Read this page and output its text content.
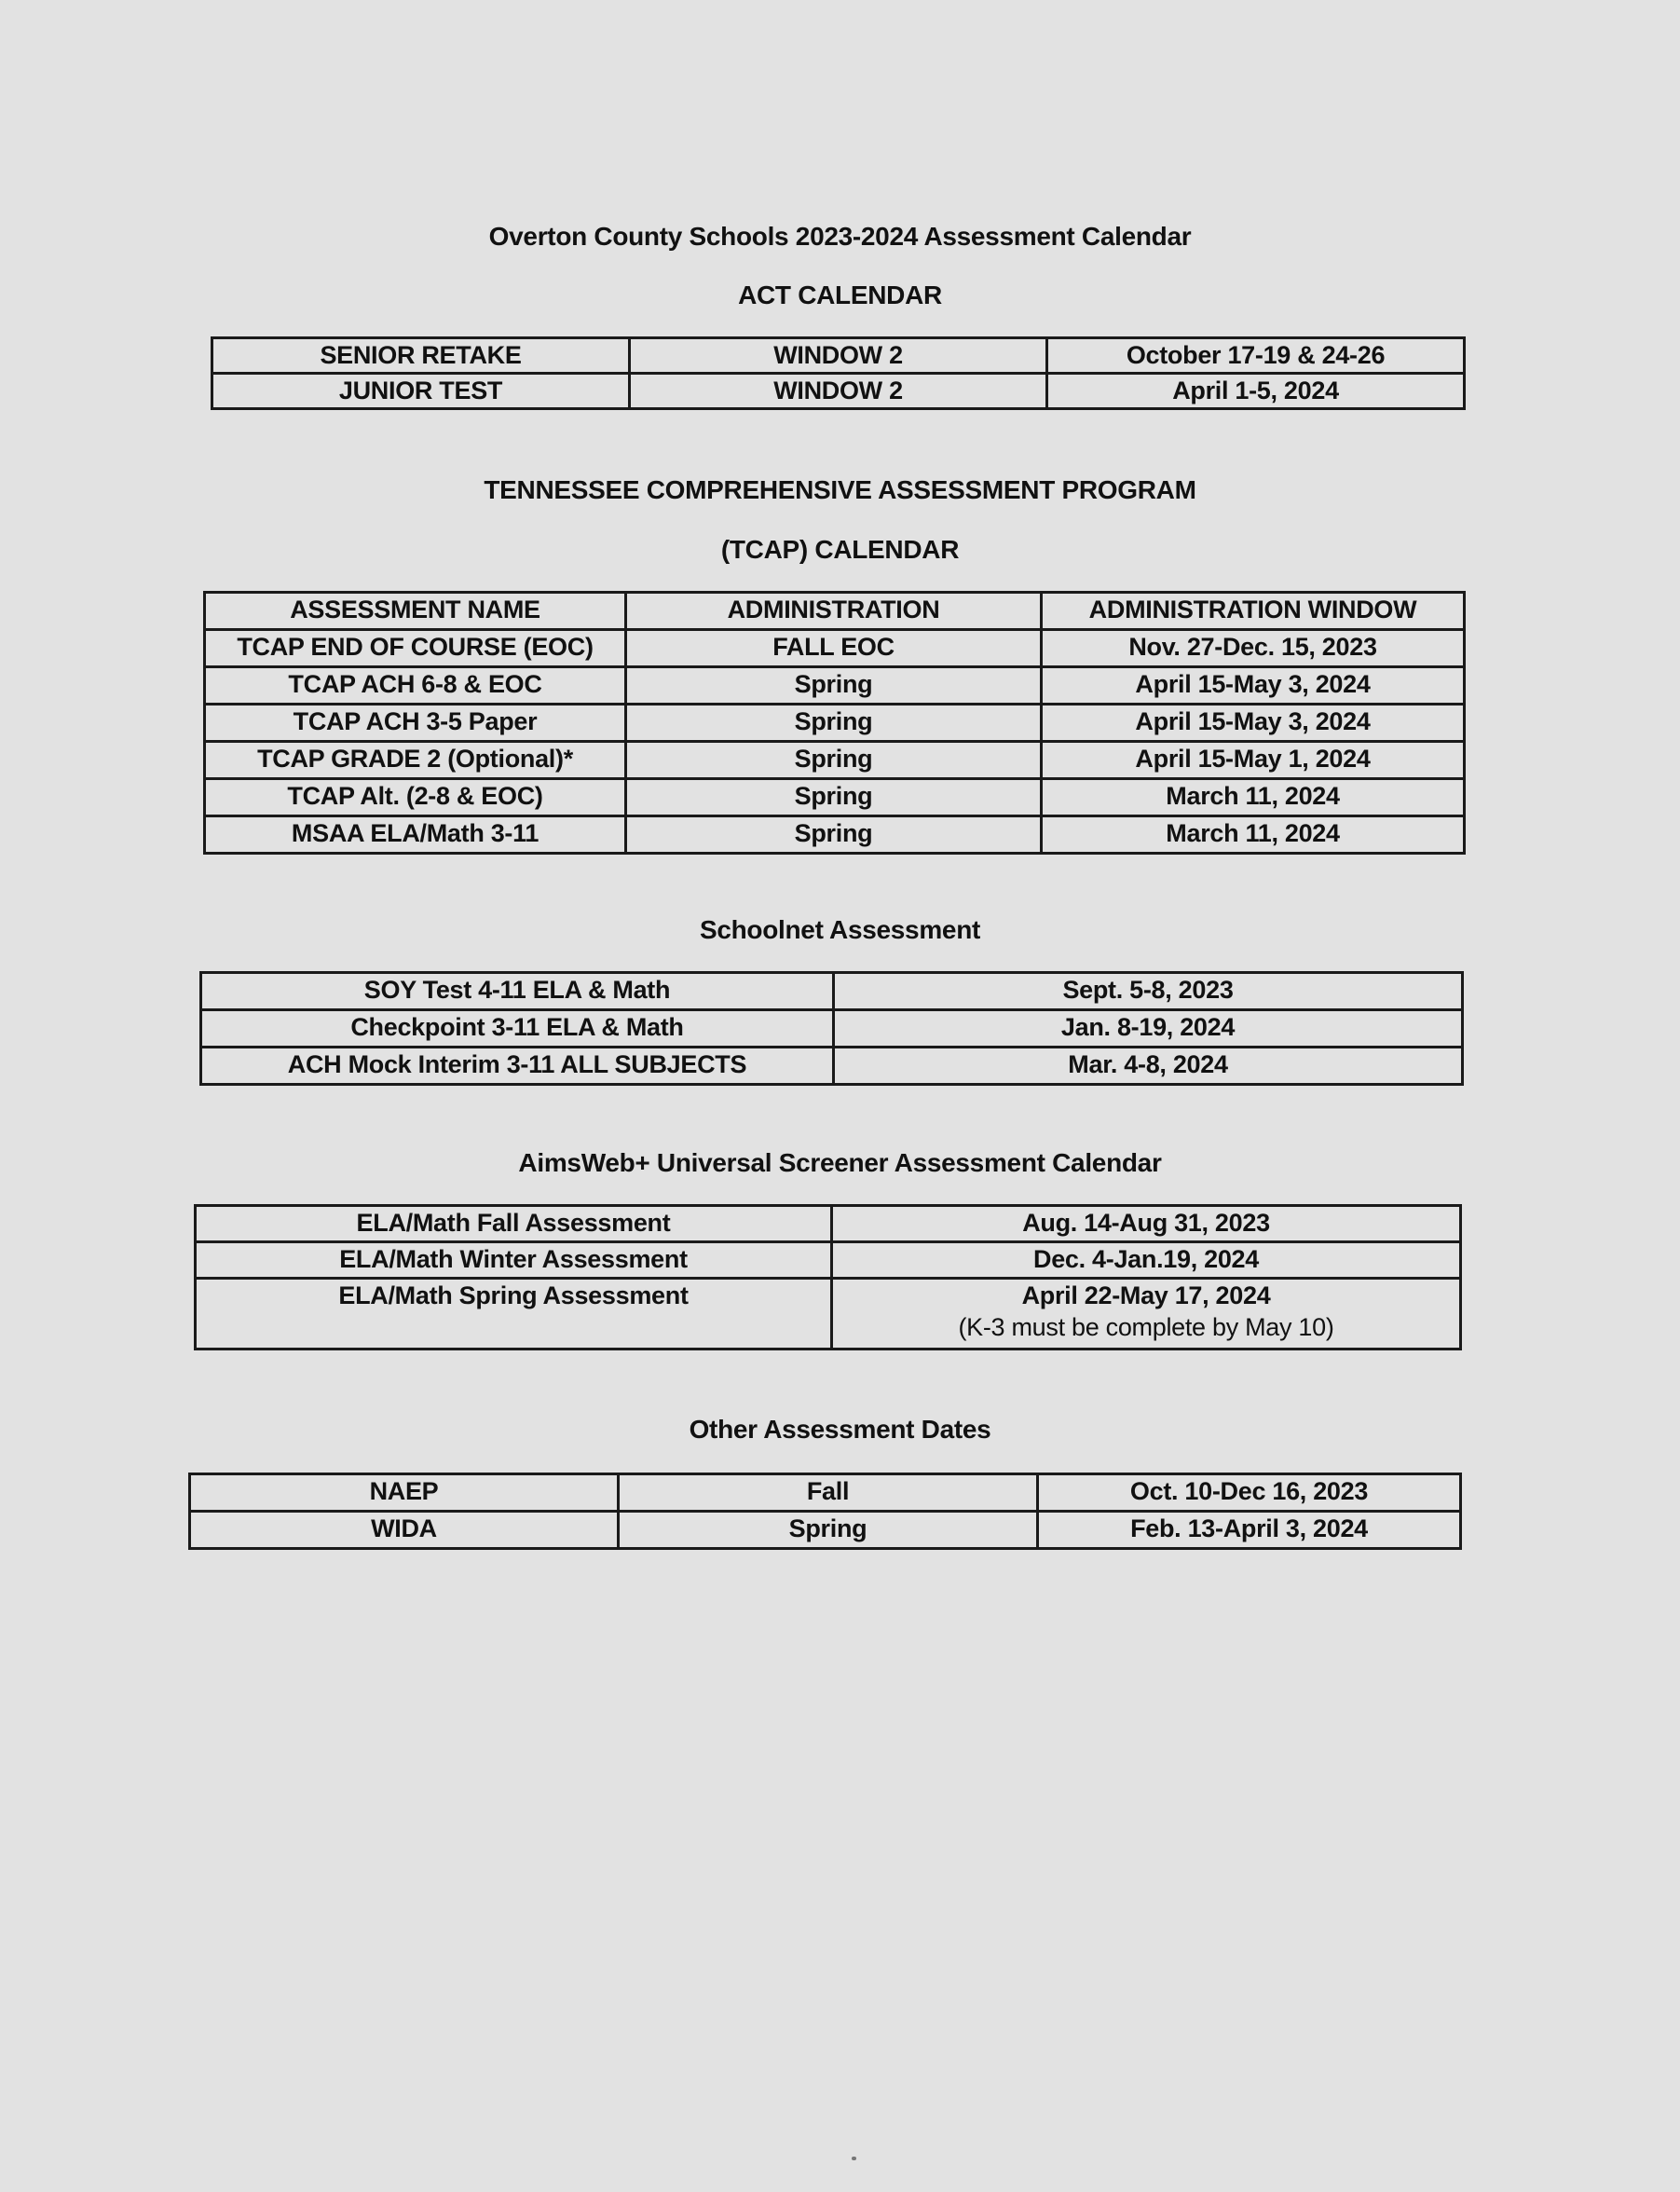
Overton County Schools 2023-2024 Assessment Calendar
ACT CALENDAR
SENIOR RETAKE	WINDOW 2	October 17-19 & 24-26
JUNIOR TEST	WINDOW 2	April 1-5, 2024
TENNESSEE COMPREHENSIVE ASSESSMENT PROGRAM
(TCAP) CALENDAR
ASSESSMENT NAME	ADMINISTRATION	ADMINISTRATION WINDOW
TCAP END OF COURSE (EOC)	FALL EOC	Nov. 27-Dec. 15, 2023
TCAP ACH 6-8 & EOC	Spring	April 15-May 3, 2024
TCAP ACH 3-5 Paper	Spring	April 15-May 3, 2024
TCAP GRADE 2 (Optional)*	Spring	April 15-May 1, 2024
TCAP Alt. (2-8 & EOC)	Spring	March 11, 2024
MSAA ELA/Math 3-11	Spring	March 11, 2024
Schoolnet Assessment
SOY Test 4-11 ELA & Math	Sept. 5-8, 2023
Checkpoint 3-11 ELA & Math	Jan. 8-19, 2024
ACH Mock Interim 3-11 ALL SUBJECTS	Mar. 4-8, 2024
AimsWeb+ Universal Screener Assessment Calendar
ELA/Math Fall Assessment	Aug. 14-Aug 31, 2023
ELA/Math Winter Assessment	Dec. 4-Jan.19, 2024
ELA/Math Spring Assessment	April 22-May 17, 2024
(K-3 must be complete by May 10)
Other Assessment Dates
NAEP	Fall	Oct. 10-Dec 16, 2023
WIDA	Spring	Feb. 13-April 3, 2024
